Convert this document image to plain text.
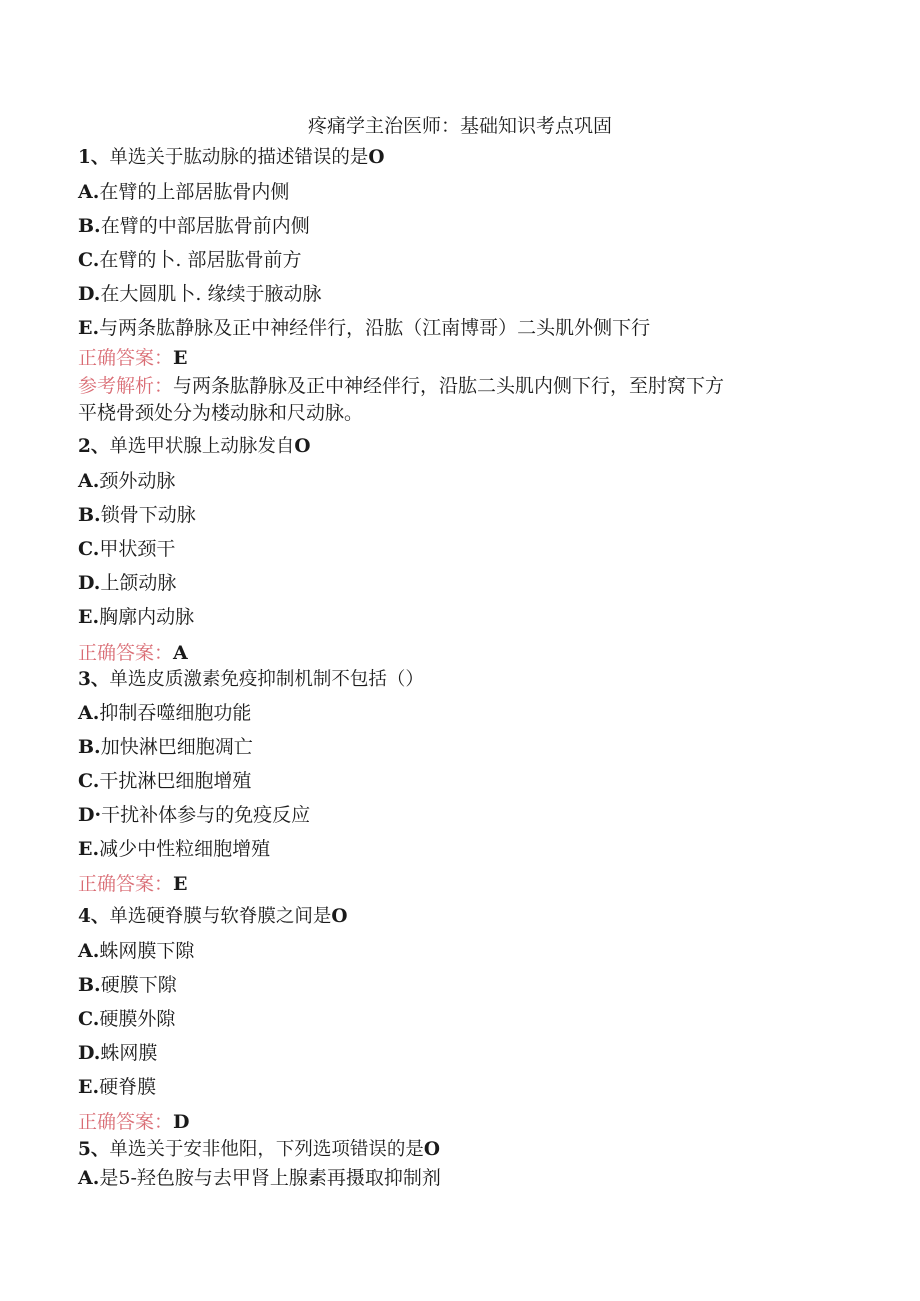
疼痛学主治医师：基础知识考点巩固
1、单选关于肱动脉的描述错误的是O
A.在臂的上部居肱骨内侧
B.在臂的中部居肱骨前内侧
C.在臂的卜. 部居肱骨前方
D.在大圆肌卜. 缘续于腋动脉
E.与两条肱静脉及正中神经伴行，沿肱（江南博哥）二头肌外侧下行
正确答案：E
参考解析：与两条肱静脉及正中神经伴行，沿肱二头肌内侧下行，至肘窝下方
平桡骨颈处分为楼动脉和尺动脉。
2、单选甲状腺上动脉发自O
A.颈外动脉
B.锁骨下动脉
C.甲状颈干
D.上颌动脉
E.胸廓内动脉
正确答案：A
3、单选皮质激素免疫抑制机制不包括（）
A.抑制吞噬细胞功能
B.加快淋巴细胞凋亡
C.干扰淋巴细胞增殖
D·干扰补体参与的免疫反应
E.减少中性粒细胞增殖
正确答案：E
4、单选硬脊膜与软脊膜之间是O
A.蛛网膜下隙
B.硬膜下隙
C.硬膜外隙
D.蛛网膜
E.硬脊膜
正确答案：D
5、单选关于安非他阳，下列选项错误的是O
A.是5-羟色胺与去甲肾上腺素再摄取抑制剂
